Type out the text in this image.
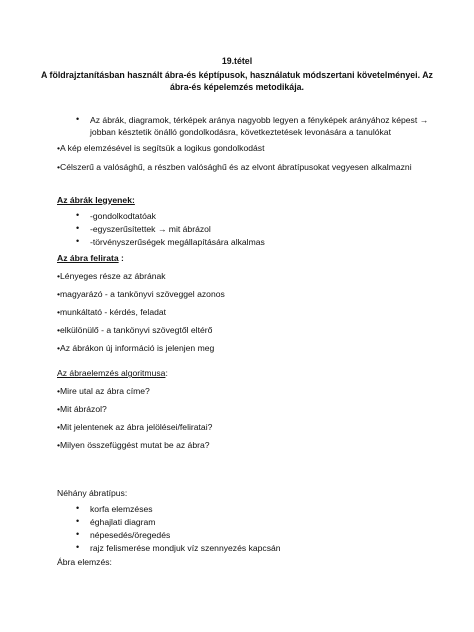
19.tétel
A földrajztanításban használt ábra-és képtípusok, használatuk módszertani követelményei. Az
ábra-és képelemzés metodikája.
• Az ábrák, diagramok, térképek aránya nagyobb legyen a fényképek arányához képest →
jobban késztetik önálló gondolkodásra, következtetések levonására a tanulókat
•A kép elemzésével is segítsük a logikus gondolkodást
•Célszerű a valósághű, a részben valósághű és az elvont ábratípusokat vegyesen alkalmazni
Az ábrák legyenek:
• -gondolkodtatóak
• -egyszerűsítettek → mit ábrázol
• -törvényszerűségek megállapítására alkalmas
Az ábra felirata :
•Lényeges része az ábrának
•magyarázó - a tankönyvi szöveggel azonos
•munkáltató - kérdés, feladat
•elkülönülő - a tankönyvi szövegtől eltérő
•Az ábrákon új információ is jelenjen meg
Az ábraelemzés algoritmusa:
•Mire utal az ábra címe?
•Mit ábrázol?
•Mit jelentenek az ábra jelölései/feliratai?
•Milyen összefüggést mutat be az ábra?
Néhány ábratípus:
• korfa elemzéses
• éghajlati diagram
• népesedés/öregedés
• rajz felismerése mondjuk víz szennyezés kapcsán
Ábra elemzés:
